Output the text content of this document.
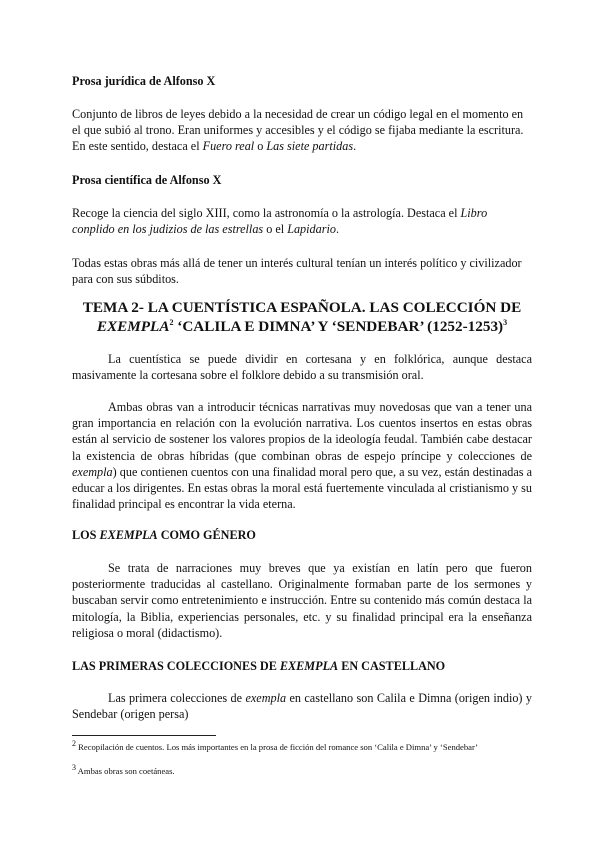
Prosa jurídica de Alfonso X
Conjunto de libros de leyes debido a la necesidad de crear un código legal en el momento en el que subió al trono. Eran uniformes y accesibles y el código se fijaba mediante la escritura. En este sentido, destaca el Fuero real o Las siete partidas.
Prosa científica de Alfonso X
Recoge la ciencia del siglo XIII, como la astronomía o la astrología. Destaca el Libro conplido en los judizios de las estrellas o el Lapidario.
Todas estas obras más allá de tener un interés cultural tenían un interés político y civilizador para con sus súbditos.
TEMA 2- LA CUENTÍSTICA ESPAÑOLA. LAS COLECCIÓN DE
EXEMPLA$^2$ ‘CALILA E DIMNA’ Y ‘SENDEBAR’ (1252-1253)$^3$
La cuentística se puede dividir en cortesana y en folklórica, aunque destaca masivamente la cortesana sobre el folklore debido a su transmisión oral.
Ambas obras van a introducir técnicas narrativas muy novedosas que van a tener una gran importancia en relación con la evolución narrativa. Los cuentos insertos en estas obras están al servicio de sostener los valores propios de la ideología feudal. También cabe destacar la existencia de obras híbridas (que combinan obras de espejo príncipe y colecciones de exempla) que contienen cuentos con una finalidad moral pero que, a su vez, están destinadas a educar a los dirigentes. En estas obras la moral está fuertemente vinculada al cristianismo y su finalidad principal es encontrar la vida eterna.
LOS EXEMPLA COMO GÉNERO
Se trata de narraciones muy breves que ya existían en latín pero que fueron posteriormente traducidas al castellano. Originalmente formaban parte de los sermones y buscaban servir como entretenimiento e instrucción. Entre su contenido más común destaca la mitología, la Biblia, experiencias personales, etc. y su finalidad principal era la enseñanza religiosa o moral (didactismo).
LAS PRIMERAS COLECCIONES DE EXEMPLA EN CASTELLANO
Las primera colecciones de exempla en castellano son Calila e Dimna (origen indio) y Sendebar (origen persa)
$^2$ Recopilación de cuentos. Los más importantes en la prosa de ficción del romance son ‘Calila e Dimna’ y ‘Sendebar’
$^3$ Ambas obras son coetáneas.
